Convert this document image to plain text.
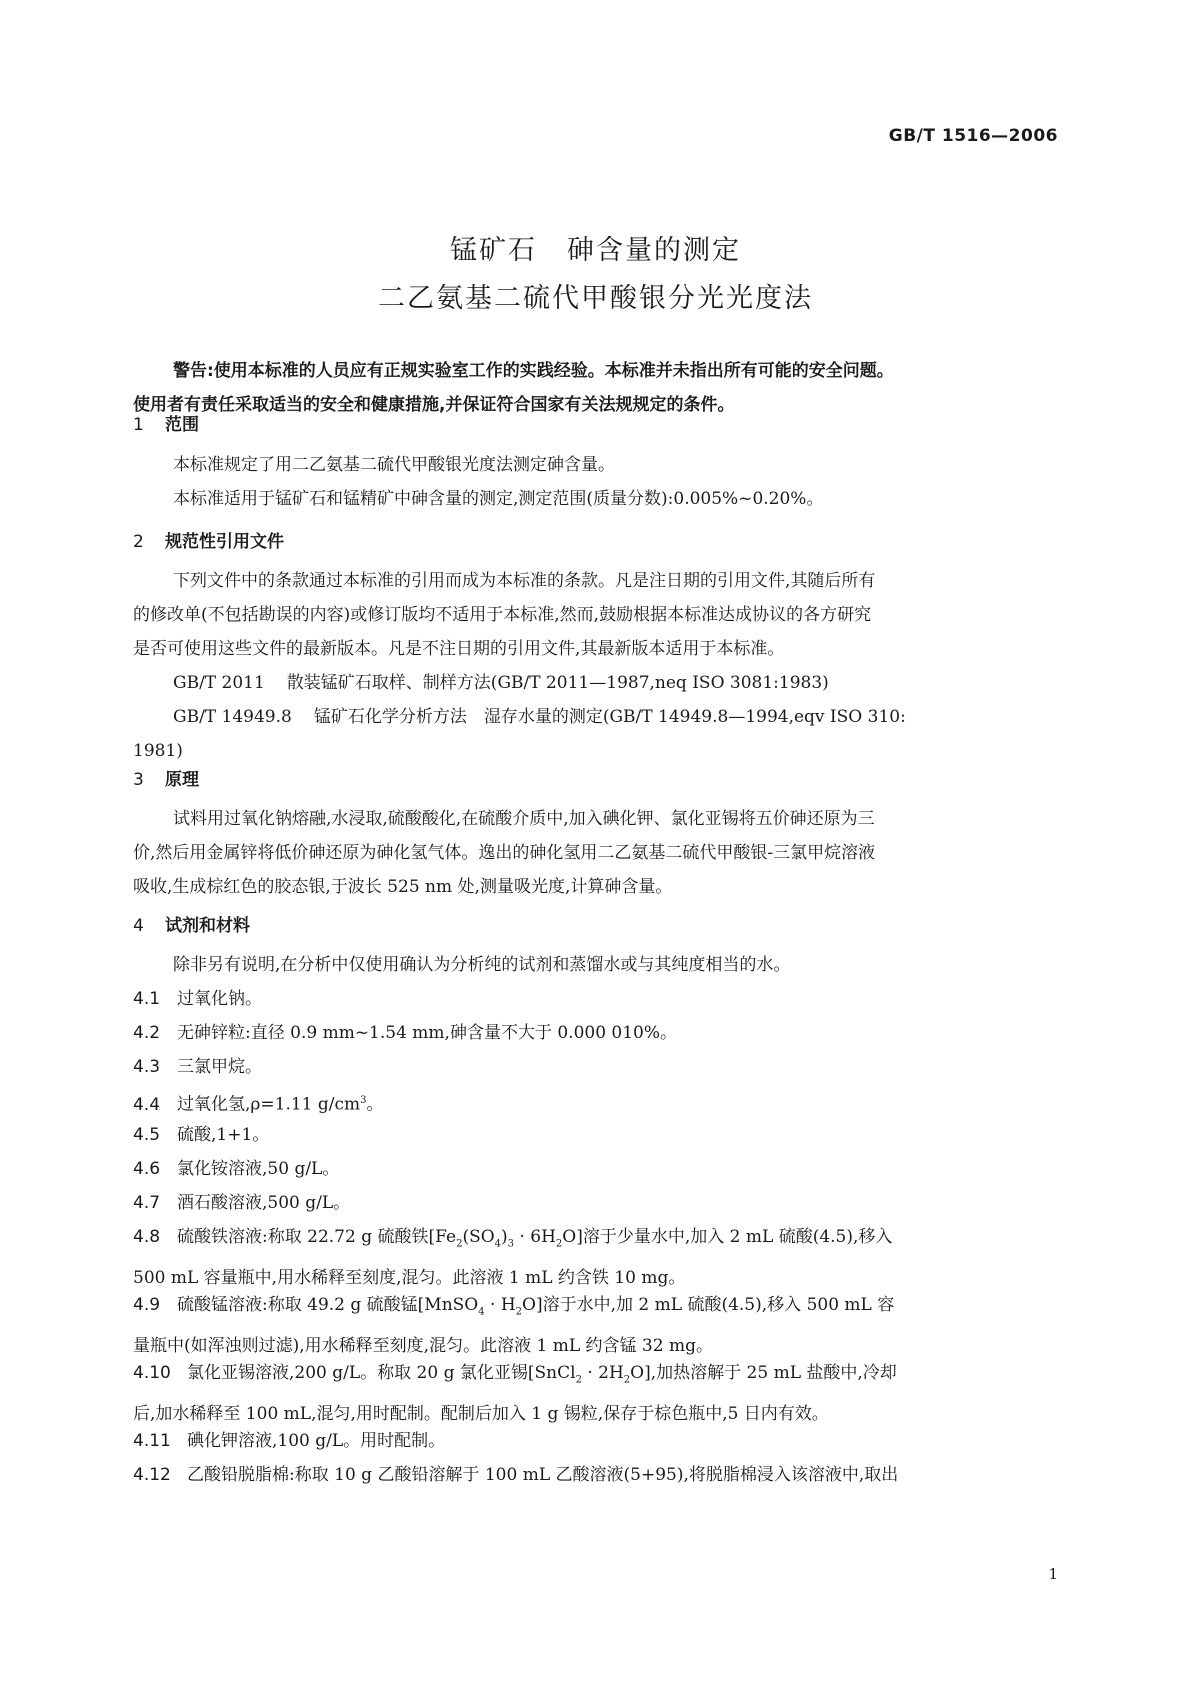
GB/T 1516—2006
锰矿石 砷含量的测定
二乙氨基二硫代甲酸银分光光度法
警告:使用本标准的人员应有正规实验室工作的实践经验。本标准并未指出所有可能的安全问题。
使用者有责任采取适当的安全和健康措施,并保证符合国家有关法规规定的条件。
1 范围
本标准规定了用二乙氨基二硫代甲酸银光度法测定砷含量。
本标准适用于锰矿石和锰精矿中砷含量的测定,测定范围(质量分数):0.005%~0.20%。
2 规范性引用文件
下列文件中的条款通过本标准的引用而成为本标准的条款。凡是注日期的引用文件,其随后所有
的修改单(不包括勘误的内容)或修订版均不适用于本标准,然而,鼓励根据本标准达成协议的各方研究
是否可使用这些文件的最新版本。凡是不注日期的引用文件,其最新版本适用于本标准。
GB/T 2011 散装锰矿石取样、制样方法(GB/T 2011—1987,neq ISO 3081:1983)
GB/T 14949.8 锰矿石化学分析方法　湿存水量的测定(GB/T 14949.8—1994,eqv ISO 310:
1981)
3 原理
试料用过氧化钠熔融,水浸取,硫酸酸化,在硫酸介质中,加入碘化钾、氯化亚锡将五价砷还原为三
价,然后用金属锌将低价砷还原为砷化氢气体。逸出的砷化氢用二乙氨基二硫代甲酸银-三氯甲烷溶液
吸收,生成棕红色的胶态银,于波长 525 nm 处,测量吸光度,计算砷含量。
4 试剂和材料
除非另有说明,在分析中仅使用确认为分析纯的试剂和蒸馏水或与其纯度相当的水。
4.1 过氧化钠。
4.2 无砷锌粒:直径 0.9 mm~1.54 mm,砷含量不大于 0.000 010%。
4.3 三氯甲烷。
4.4 过氧化氢,ρ=1.11 $g/cm^3$。
4.5 硫酸,1+1。
4.6 氯化铵溶液,50 g/L。
4.7 酒石酸溶液,500 g/L。
4.8 硫酸铁溶液:称取 22.72 g 硫酸铁$[Fe_2(SO_4)_3 \cdot 6H_2O]$溶于少量水中,加入 2 mL 硫酸(4.5),移入
500 mL 容量瓶中,用水稀释至刻度,混匀。此溶液 1 mL 约含铁 10 mg。
4.9 硫酸锰溶液:称取 49.2 g 硫酸锰[MnSO$_4$ · $H_2O$]溶于水中,加 2 mL 硫酸(4.5),移入 500 mL 容
量瓶中(如浑浊则过滤),用水稀释至刻度,混匀。此溶液 1 mL 约含锰 32 mg。
4.10 氯化亚锡溶液,200 g/L。称取 20 g 氯化亚锡[SnCl$_2$ · $2H_2O$],加热溶解于 25 mL 盐酸中,冷却
后,加水稀释至 100 mL,混匀,用时配制。配制后加入 1 g 锡粒,保存于棕色瓶中,5 日内有效。
4.11 碘化钾溶液,100 g/L。用时配制。
4.12 乙酸铅脱脂棉:称取 10 g 乙酸铅溶解于 100 mL 乙酸溶液(5+95),将脱脂棉浸入该溶液中,取出
1
